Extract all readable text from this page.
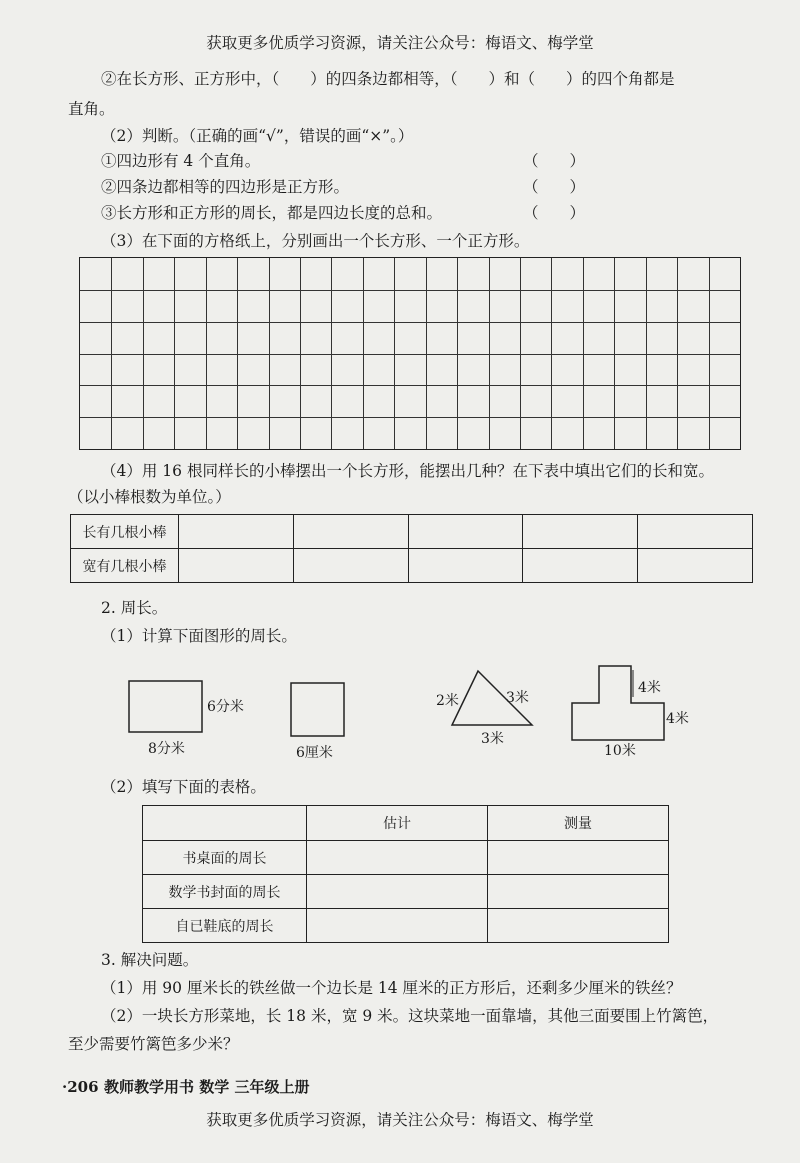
获取更多优质学习资源，请关注公众号：梅语文、梅学堂
②在长方形、正方形中，（　　）的四条边都相等，（　　）和（　　）的四个角都是
直角。
（2）判断。（正确的画“√”，错误的画“×”。）
①四边形有 4 个直角。	（　　）
②四条边都相等的四边形是正方形。	（　　）
③长方形和正方形的周长，都是四边长度的总和。	（　　）
（3）在下面的方格纸上，分别画出一个长方形、一个正方形。
（4）用 16 根同样长的小棒摆出一个长方形，能摆出几种？在下表中填出它们的长和宽。
（以小棒根数为单位。）
长有几根小棒					
宽有几根小棒					
2. 周长。
（1）计算下面图形的周长。
6分米
8分米	6厘米
2米	3米
3米
4米
4米
10米
（2）填写下面的表格。
	估计	测量
书桌面的周长		
数学书封面的周长		
自已鞋底的周长		
3. 解决问题。
（1）用 90 厘米长的铁丝做一个边长是 14 厘米的正方形后，还剩多少厘米的铁丝？
（2）一块长方形菜地，长 18 米，宽 9 米。这块菜地一面靠墙，其他三面要围上竹篱笆，
至少需要竹篱笆多少米？
·206 教师教学用书 数学 三年级上册
获取更多优质学习资源，请关注公众号：梅语文、梅学堂
